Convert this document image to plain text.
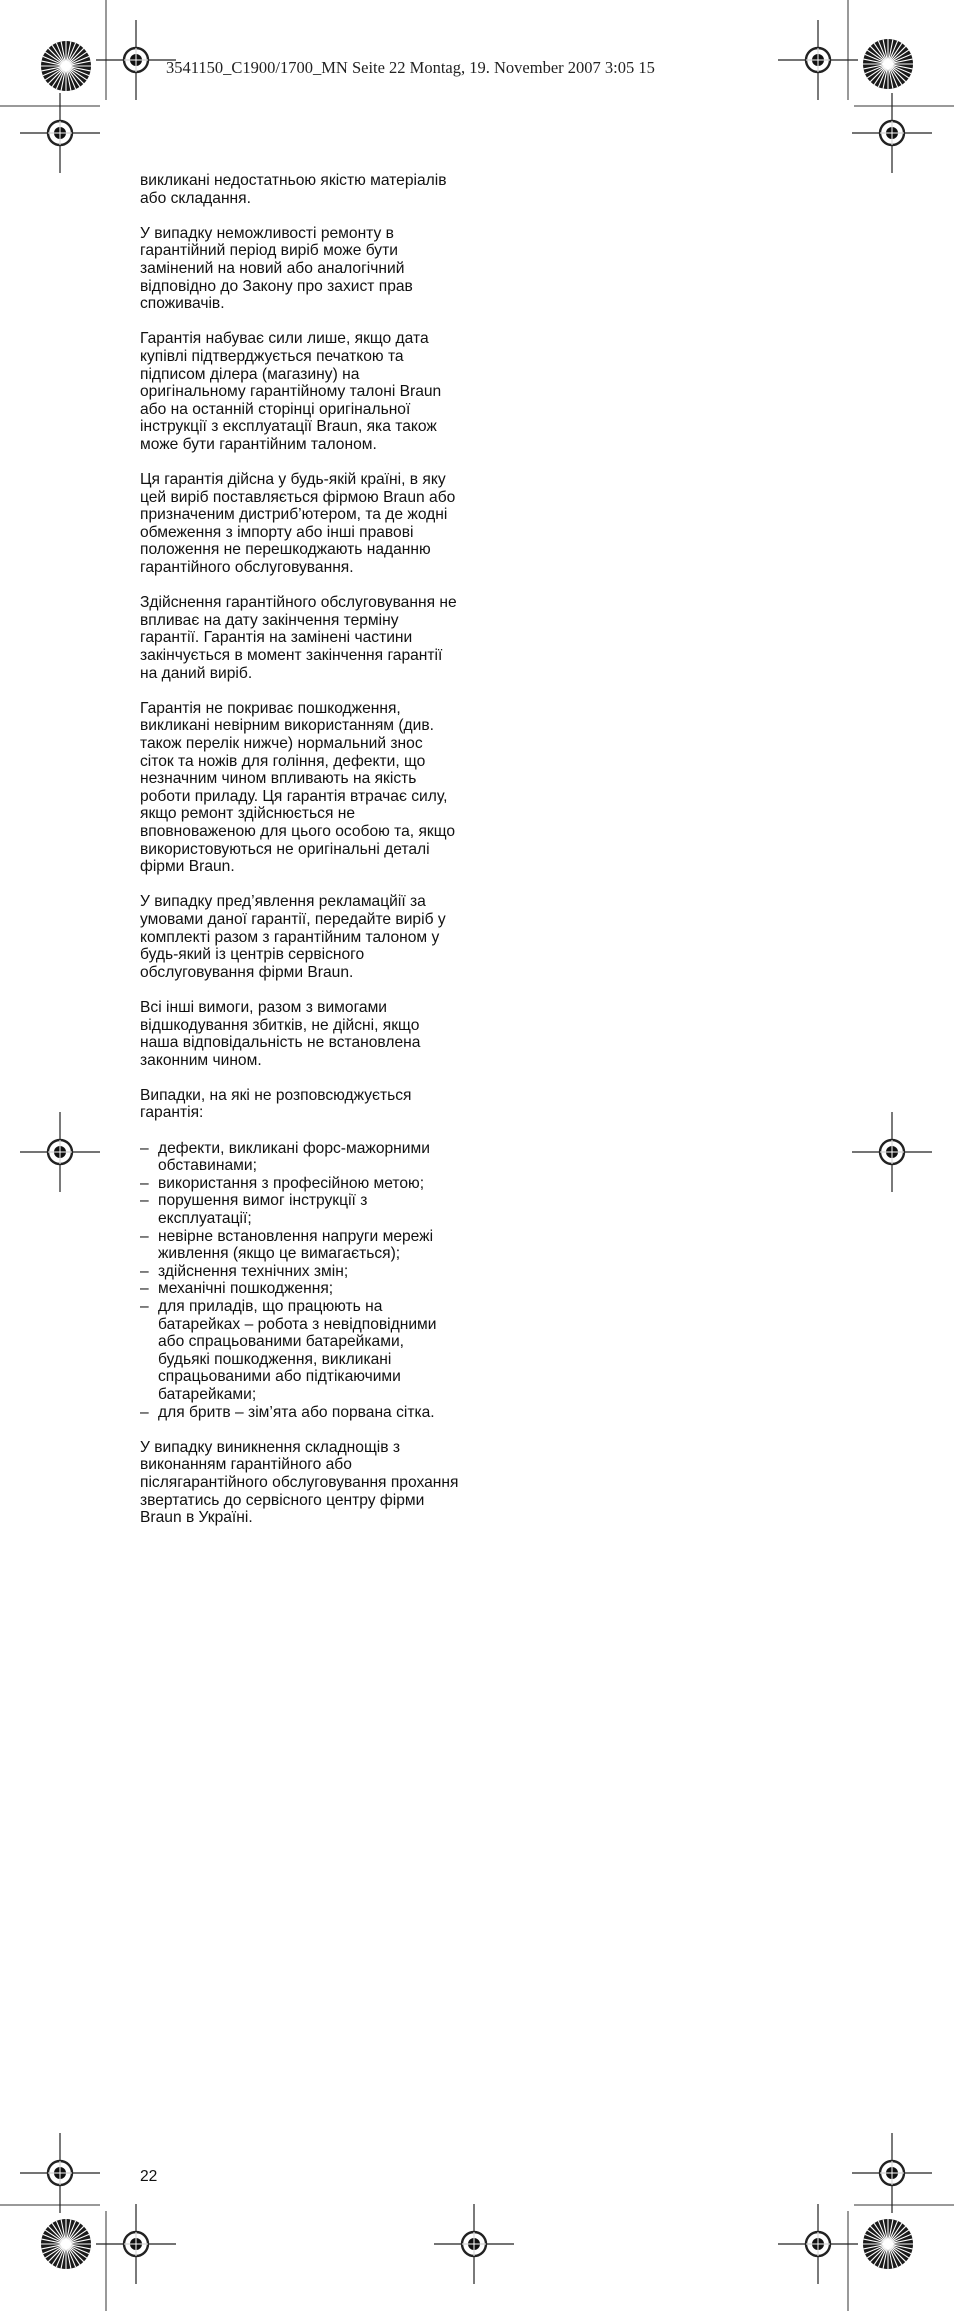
3541150_C1900/1700_MN Seite 22 Montag, 19. November 2007 3:05 15

викликані недостатньою якістю матеріалів або складання.

У випадку неможливості ремонту в гарантійний період виріб може бути замінений на новий або аналогічний відповідно до Закону про захист прав споживачів.

Гарантія набуває сили лише, якщо дата купівлі підтверджується печаткою та підписом ділера (магазину) на оригінальному гарантійному талоні Braun або на останній сторінці оригінальної інструкції з експлуатації Braun, яка також може бути гарантійним талоном.

Ця гарантія дійсна у будь-якій країні, в яку цей виріб поставляється фірмою Braun або призначеним дистриб’ютером, та де жодні обмеження з імпорту або інші правові положення не перешкоджають наданню гарантійного обслуговування.

Здійснення гарантійного обслуговування не впливає на дату закінчення терміну гарантії. Гарантія на замінені частини закінчується в момент закінчення гарантії на даний виріб.

Гарантія не покриває пошкодження, викликані невірним використанням (див. також перелік нижче) нормальний знос сіток та ножів для гоління, дефекти, що незначним чином впливають на якість роботи приладу. Ця гарантія втрачає силу, якщо ремонт здійснюється не вповноваженою для цього особою та, якщо використовуються не оригінальні деталі фірми Braun.

У випадку пред’явлення рекламацйії за умовами даної гарантії, передайте виріб у комплекті разом з гарантійним талоном у будь-який із центрів сервісного обслуговування фірми Braun.

Всі інші вимоги, разом з вимогами відшкодування збитків, не дійсні, якщо наша відповідальність не встановлена законним чином.

Випадки, на які не розповсюджується гарантія:

– дефекти, викликані форс-мажорними обставинами;
– використання з професійною метою;
– порушення вимог інструкції з експлуатації;
– невірне встановлення напруги мережі живлення (якщо це вимагається);
– здійснення технічних змін;
– механічні пошкодження;
– для приладів, що працюють на батарейках – робота з невідповідними або спрацьованими батарейками, будьякі пошкодження, викликані спрацьованими або підтікаючими батарейками;
– для бритв – зім’ята або порвана сітка.

У випадку виникнення складнощів з виконанням гарантійного або післягарантійного обслуговування прохання звертатись до сервісного центру фірми Braun в Україні.

22
